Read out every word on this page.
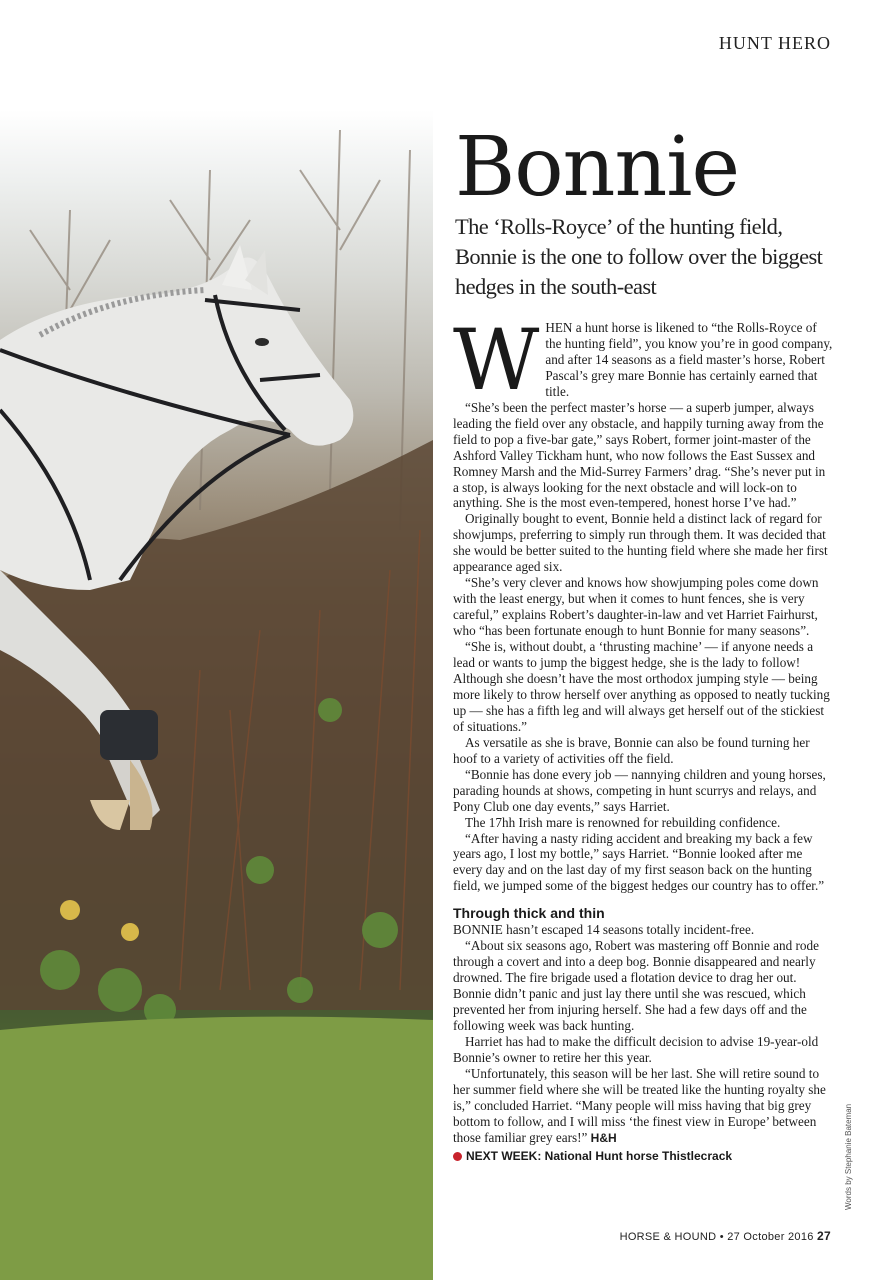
HUNT HERO
Bonnie

The ‘Rolls-Royce’ of the hunting field, Bonnie is the one to follow over the biggest hedges in the south-east

WHEN a hunt horse is likened to “the Rolls-Royce of the hunting field”, you know you’re in good company, and after 14 seasons as a field master’s horse, Robert Pascal’s grey mare Bonnie has certainly earned that title.

“She’s been the perfect master’s horse — a superb jumper, always leading the field over any obstacle, and happily turning away from the field to pop a five-bar gate,” says Robert, former joint-master of the Ashford Valley Tickham hunt, who now follows the East Sussex and Romney Marsh and the Mid-Surrey Farmers’ drag. “She’s never put in a stop, is always looking for the next obstacle and will lock-on to anything. She is the most even-tempered, honest horse I’ve had.”

Originally bought to event, Bonnie held a distinct lack of regard for showjumps, preferring to simply run through them. It was decided that she would be better suited to the hunting field where she made her first appearance aged six.

“She’s very clever and knows how showjumping poles come down with the least energy, but when it comes to hunt fences, she is very careful,” explains Robert’s daughter-in-law and vet Harriet Fairhurst, who “has been fortunate enough to hunt Bonnie for many seasons”.

“She is, without doubt, a ‘thrusting machine’ — if anyone needs a lead or wants to jump the biggest hedge, she is the lady to follow! Although she doesn’t have the most orthodox jumping style — being more likely to throw herself over anything as opposed to neatly tucking up — she has a fifth leg and will always get herself out of the stickiest of situations.”

As versatile as she is brave, Bonnie can also be found turning her hoof to a variety of activities off the field.

“Bonnie has done every job — nannying children and young horses, parading hounds at shows, competing in hunt scurrys and relays, and Pony Club one day events,” says Harriet.

The 17hh Irish mare is renowned for rebuilding confidence.

“After having a nasty riding accident and breaking my back a few years ago, I lost my bottle,” says Harriet. “Bonnie looked after me every day and on the last day of my first season back on the hunting field, we jumped some of the biggest hedges our country has to offer.”

Through thick and thin

BONNIE hasn’t escaped 14 seasons totally incident-free.

“About six seasons ago, Robert was mastering off Bonnie and rode through a covert and into a deep bog. Bonnie disappeared and nearly drowned. The fire brigade used a flotation device to drag her out. Bonnie didn’t panic and just lay there until she was rescued, which prevented her from injuring herself. She had a few days off and the following week was back hunting.

Harriet has had to make the difficult decision to advise 19-year-old Bonnie’s owner to retire her this year.

“Unfortunately, this season will be her last. She will retire sound to her summer field where she will be treated like the hunting royalty she is,” concluded Harriet. “Many people will miss having that big grey bottom to follow, and I will miss ‘the finest view in Europe’ between those familiar grey ears!” H&H

NEXT WEEK: National Hunt horse Thistlecrack	Words by Stephanie Bateman
HORSE & HOUND • 27 October 2016 27
